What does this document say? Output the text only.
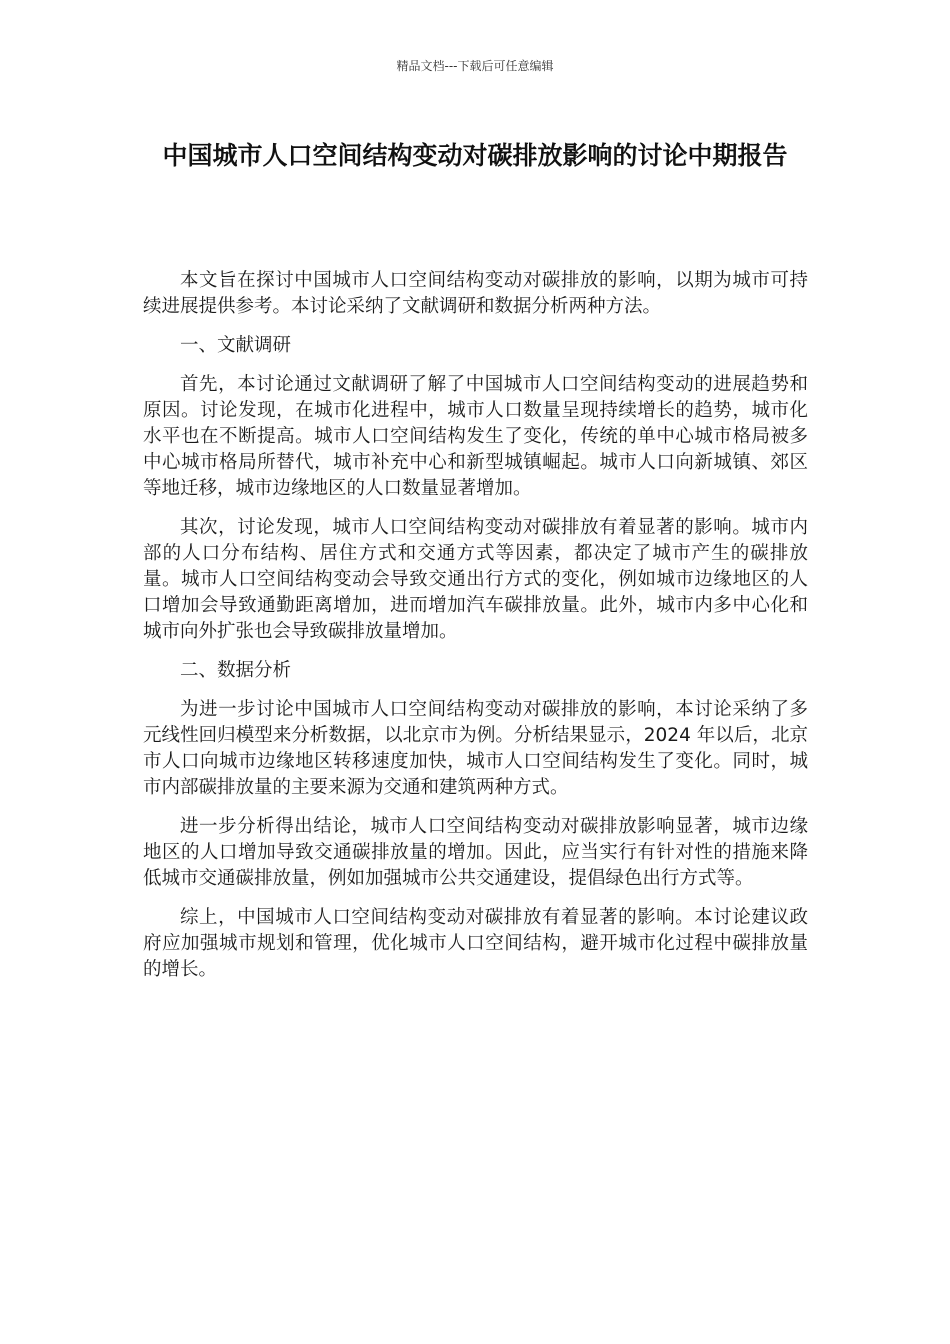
精品文档---下载后可任意编辑
中国城市人口空间结构变动对碳排放影响的讨论中期报告

本文旨在探讨中国城市人口空间结构变动对碳排放的影响，以期为城市可持续进展提供参考。本讨论采纳了文献调研和数据分析两种方法。

一、文献调研

首先，本讨论通过文献调研了解了中国城市人口空间结构变动的进展趋势和原因。讨论发现，在城市化进程中，城市人口数量呈现持续增长的趋势，城市化水平也在不断提高。城市人口空间结构发生了变化，传统的单中心城市格局被多中心城市格局所替代，城市补充中心和新型城镇崛起。城市人口向新城镇、郊区等地迁移，城市边缘地区的人口数量显著增加。

其次，讨论发现，城市人口空间结构变动对碳排放有着显著的影响。城市内部的人口分布结构、居住方式和交通方式等因素，都决定了城市产生的碳排放量。城市人口空间结构变动会导致交通出行方式的变化，例如城市边缘地区的人口增加会导致通勤距离增加，进而增加汽车碳排放量。此外，城市内多中心化和城市向外扩张也会导致碳排放量增加。

二、数据分析

为进一步讨论中国城市人口空间结构变动对碳排放的影响，本讨论采纳了多元线性回归模型来分析数据，以北京市为例。分析结果显示，2024 年以后，北京市人口向城市边缘地区转移速度加快，城市人口空间结构发生了变化。同时，城市内部碳排放量的主要来源为交通和建筑两种方式。

进一步分析得出结论，城市人口空间结构变动对碳排放影响显著，城市边缘地区的人口增加导致交通碳排放量的增加。因此，应当实行有针对性的措施来降低城市交通碳排放量，例如加强城市公共交通建设，提倡绿色出行方式等。

综上，中国城市人口空间结构变动对碳排放有着显著的影响。本讨论建议政府应加强城市规划和管理，优化城市人口空间结构，避开城市化过程中碳排放量的增长。
